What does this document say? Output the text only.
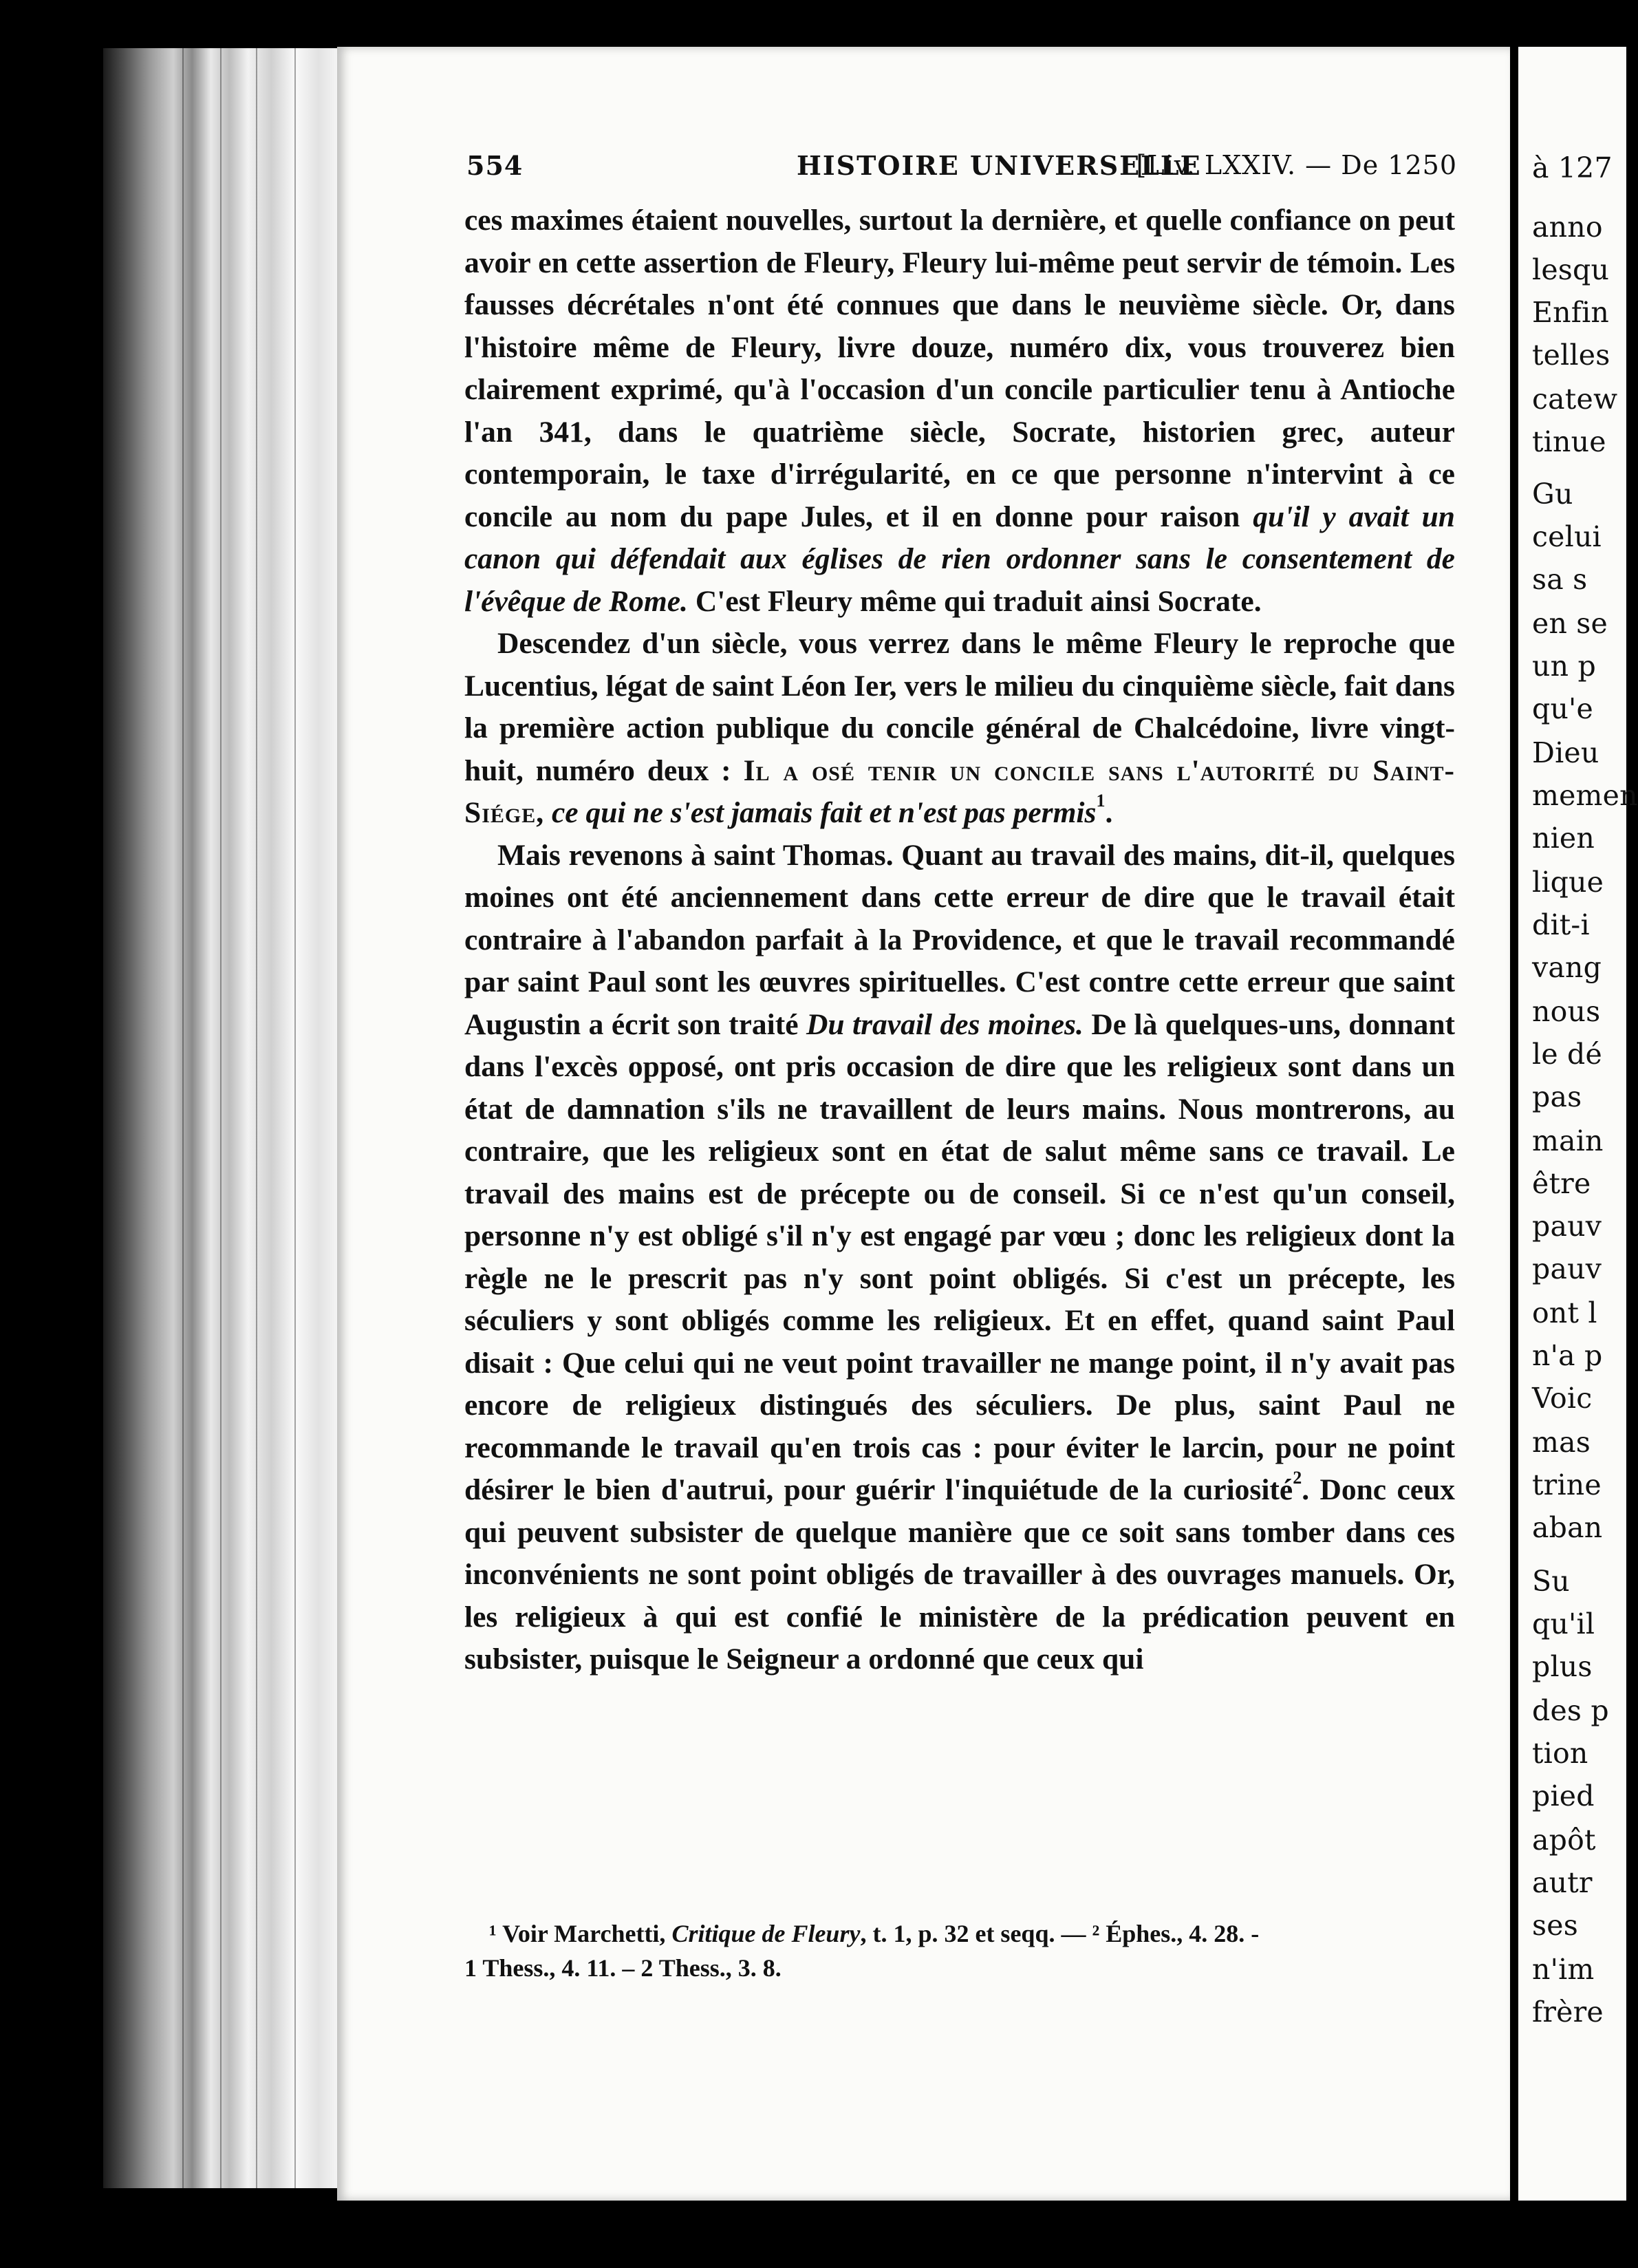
554	HISTOIRE UNIVERSELLE
[Liv. LXXIV. — De 1250

ces maximes étaient nouvelles, surtout la dernière, et quelle confiance on peut avoir en cette assertion de Fleury, Fleury lui-même peut servir de témoin. Les fausses décrétales n'ont été connues que dans le neuvième siècle. Or, dans l'histoire même de Fleury, livre douze, numéro dix, vous trouverez bien clairement exprimé, qu'à l'occasion d'un concile particulier tenu à Antioche l'an 341, dans le quatrième siècle, Socrate, historien grec, auteur contemporain, le taxe d'irrégularité, en ce que personne n'intervint à ce concile au nom du pape Jules, et il en donne pour raison qu'il y avait un canon qui défendait aux églises de rien ordonner sans le consentement de l'évêque de Rome. C'est Fleury même qui traduit ainsi Socrate.

Descendez d'un siècle, vous verrez dans le même Fleury le reproche que Lucentius, légat de saint Léon Ier, vers le milieu du cinquième siècle, fait dans la première action publique du concile général de Chalcédoine, livre vingt-huit, numéro deux : Il a osé tenir un concile sans l'autorité du Saint-Siége, ce qui ne s'est jamais fait et n'est pas permis$^1$.

Mais revenons à saint Thomas. Quant au travail des mains, dit-il, quelques moines ont été anciennement dans cette erreur de dire que le travail était contraire à l'abandon parfait à la Providence, et que le travail recommandé par saint Paul sont les œuvres spirituelles. C'est contre cette erreur que saint Augustin a écrit son traité Du travail des moines. De là quelques-uns, donnant dans l'excès opposé, ont pris occasion de dire que les religieux sont dans un état de damnation s'ils ne travaillent de leurs mains. Nous montrerons, au contraire, que les religieux sont en état de salut même sans ce travail. Le travail des mains est de précepte ou de conseil. Si ce n'est qu'un conseil, personne n'y est obligé s'il n'y est engagé par vœu ; donc les religieux dont la règle ne le prescrit pas n'y sont point obligés. Si c'est un précepte, les séculiers y sont obligés comme les religieux. Et en effet, quand saint Paul disait : Que celui qui ne veut point travailler ne mange point, il n'y avait pas encore de religieux distingués des séculiers. De plus, saint Paul ne recommande le travail qu'en trois cas : pour éviter le larcin, pour ne point désirer le bien d'autrui, pour guérir l'inquiétude de la curiosité$^2$. Donc ceux qui peuvent subsister de quelque manière que ce soit sans tomber dans ces inconvénients ne sont point obligés de travailler à des ouvrages manuels. Or, les religieux à qui est confié le ministère de la prédication peuvent en subsister, puisque le Seigneur a ordonné que ceux qui

¹ Voir Marchetti, Critique de Fleury, t. 1, p. 32 et seqq. — ² Éphes., 4. 28. -

1 Thess., 4. 11. – 2 Thess., 3. 8.

à 127
anno
lesqu
Enfin
telles
catew
tinue
Gu
celui
sa s
en se
un p
qu'e
Dieu
memen
nien
lique
dit-i
vang
nous
le dé
pas
main
être
pauv
pauv
ont l
n'a p
Voic
mas
trine
aban
Su
qu'il
plus
des p
tion
pied
apôt
autr
ses
n'im
frère
